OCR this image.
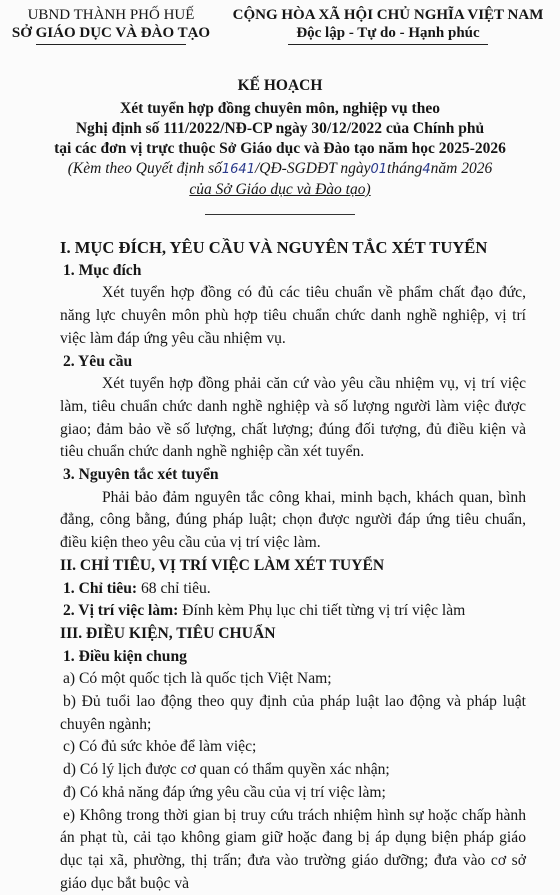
UBND THÀNH PHỐ HUẾ
SỞ GIÁO DỤC VÀ ĐÀO TẠO
CỘNG HÒA XÃ HỘI CHỦ NGHĨA VIỆT NAM
Độc lập - Tự do - Hạnh phúc
KẾ HOẠCH
Xét tuyển hợp đồng chuyên môn, nghiệp vụ theo
Nghị định số 111/2022/NĐ-CP ngày 30/12/2022 của Chính phủ
tại các đơn vị trực thuộc Sở Giáo dục và Đào tạo năm học 2025-2026
(Kèm theo Quyết định số1641/QĐ-SGDĐT ngày01tháng4năm 2026
của Sở Giáo dục và Đào tạo)

I. MỤC ĐÍCH, YÊU CẦU VÀ NGUYÊN TẮC XÉT TUYỂN

1. Mục đích

Xét tuyển hợp đồng có đủ các tiêu chuẩn về phẩm chất đạo đức, năng lực chuyên môn phù hợp tiêu chuẩn chức danh nghề nghiệp, vị trí việc làm đáp ứng yêu cầu nhiệm vụ.

2. Yêu cầu

Xét tuyển hợp đồng phải căn cứ vào yêu cầu nhiệm vụ, vị trí việc làm, tiêu chuẩn chức danh nghề nghiệp và số lượng người làm việc được giao; đảm bảo về số lượng, chất lượng; đúng đối tượng, đủ điều kiện và tiêu chuẩn chức danh nghề nghiệp cần xét tuyển.

3. Nguyên tắc xét tuyển

Phải bảo đảm nguyên tắc công khai, minh bạch, khách quan, bình đẳng, công bằng, đúng pháp luật; chọn được người đáp ứng tiêu chuẩn, điều kiện theo yêu cầu của vị trí việc làm.

II. CHỈ TIÊU, VỊ TRÍ VIỆC LÀM XÉT TUYỂN

1. Chỉ tiêu: 68 chỉ tiêu.

2. Vị trí việc làm: Đính kèm Phụ lục chi tiết từng vị trí việc làm

III. ĐIỀU KIỆN, TIÊU CHUẨN

1. Điều kiện chung

a) Có một quốc tịch là quốc tịch Việt Nam;

b) Đủ tuổi lao động theo quy định của pháp luật lao động và pháp luật chuyên ngành;

c) Có đủ sức khỏe để làm việc;

d) Có lý lịch được cơ quan có thẩm quyền xác nhận;

đ) Có khả năng đáp ứng yêu cầu của vị trí việc làm;

e) Không trong thời gian bị truy cứu trách nhiệm hình sự hoặc chấp hành án phạt tù, cải tạo không giam giữ hoặc đang bị áp dụng biện pháp giáo dục tại xã, phường, thị trấn; đưa vào trường giáo dưỡng; đưa vào cơ sở giáo dục bắt buộc và
